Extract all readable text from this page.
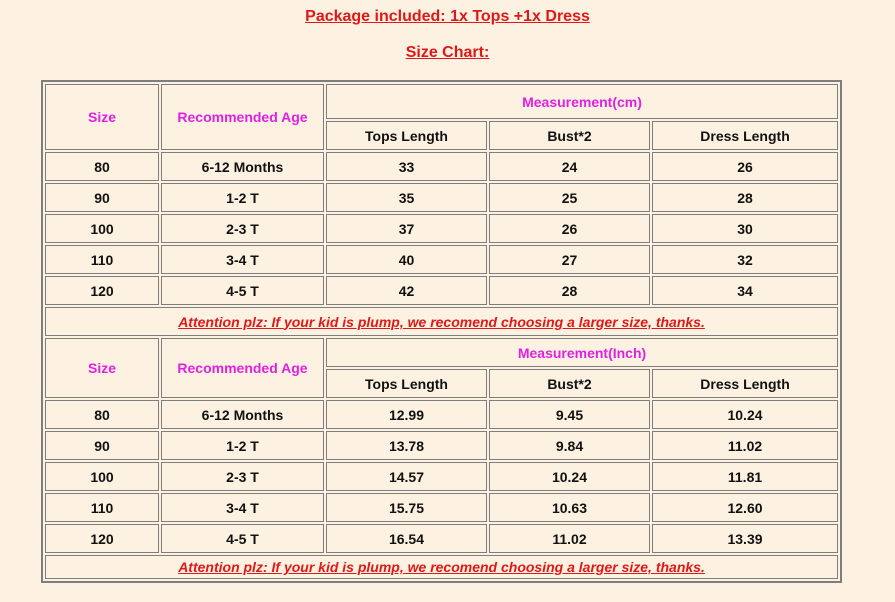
Package included: 1x Tops +1x Dress
Size Chart:
Size	Recommended Age	Measurement(cm)		
		Tops Length	Bust*2	Dress Length
80	6-12 Months	33	24	26
90	1-2 T	35	25	28
100	2-3 T	37	26	30
110	3-4 T	40	27	32
120	4-5 T	42	28	34
Attention plz: If your kid is plump, we recomend choosing a larger size, thanks.				
Size	Recommended Age	Measurement(Inch)		
		Tops Length	Bust*2	Dress Length
80	6-12 Months	12.99	9.45	10.24
90	1-2 T	13.78	9.84	11.02
100	2-3 T	14.57	10.24	11.81
110	3-4 T	15.75	10.63	12.60
120	4-5 T	16.54	11.02	13.39
Attention plz: If your kid is plump, we recomend choosing a larger size, thanks.				
